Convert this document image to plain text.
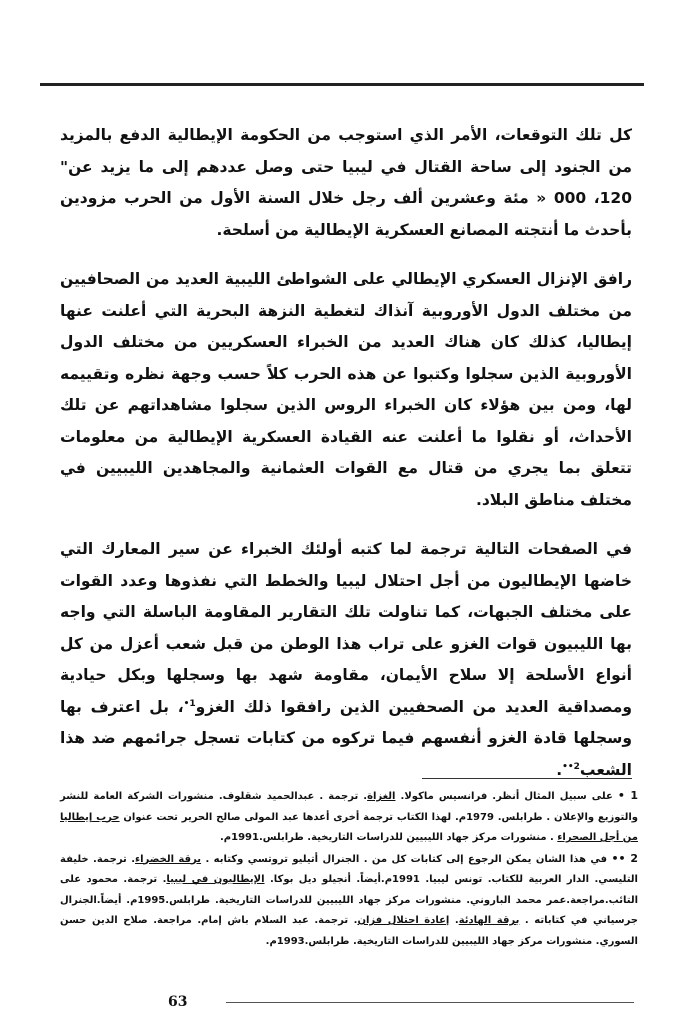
كل تلك التوقعات، الأمر الذي استوجب من الحكومة الإيطالية الدفع بالمزيد من الجنود إلى ساحة القتال في ليبيا حتى وصل عددهم إلى ما يزيد عن" 120، 000 « مئة وعشرين ألف رجل خلال السنة الأول من الحرب مزودين بأحدث ما أنتجته المصانع العسكرية الإيطالية من أسلحة.

رافق الإنزال العسكري الإيطالي على الشواطئ الليبية العديد من الصحافيين من مختلف الدول الأوروبية آنذاك لتغطية النزهة البحرية التي أعلنت عنها إيطاليا، كذلك كان هناك العديد من الخبراء العسكريين من مختلف الدول الأوروبية الذين سجلوا وكتبوا عن هذه الحرب كلاً حسب وجهة نظره وتقييمه لها، ومن بين هؤلاء كان الخبراء الروس الذين سجلوا مشاهداتهم عن تلك الأحداث، أو نقلوا ما أعلنت عنه القيادة العسكرية الإيطالية من معلومات تتعلق بما يجري من قتال مع القوات العثمانية والمجاهدين الليبيين في مختلف مناطق البلاد.

في الصفحات التالية ترجمة لما كتبه أولئك الخبراء عن سير المعارك التي خاضها الإيطاليون من أجل احتلال ليبيا والخطط التي نفذوها وعدد القوات على مختلف الجبهات، كما تناولت تلك التقارير المقاومة الباسلة التي واجه بها الليبيون قوات الغزو على تراب هذا الوطن من قبل شعب أعزل من كل أنواع الأسلحة إلا سلاح الأيمان، مقاومة شهد بها وسجلها وبكل حيادية ومصداقية العديد من الصحفيين الذين رافقوا ذلك الغزو$^{1•}$، بل اعترف بها وسجلها قادة الغزو أنفسهم فيما تركوه من كتابات تسجل جرائمهم ضد هذا الشعب$^{2••}$.

1 • على سبيل المثال أنظر. فرانسيس ماكولا. الغزاة. ترجمة . عبدالحميد شقلوف. منشورات الشركة العامة للنشر والتوزيع والإعلان . طرابلس. 1979م. لهذا الكتاب ترجمة أخرى أعدها عبد المولى صالح الحرير تحت عنوان حرب إيطاليا من أجل الصحراء . منشورات مركز جهاد الليبيين للدراسات التاريخية. طرابلس.1991م.

2 •• في هذا الشان يمكن الرجوع إلى كتابات كل من . الجنرال أتيليو تروتسي وكتابه . برقة الخضراء. ترجمة. خليفة التليسي. الدار العربية للكتاب. تونس ليبيا. 1991م.أيضاً. أنجيلو ديل بوكا. الإيطاليون في ليبيا. ترجمة. محمود على التائب.مراجعة.عمر محمد الباروني. منشورات مركز جهاد الليبيين للدراسات التاريخية. طرابلس.1995م. أيضاً.الجنرال جرسياني في كتاباته . برقة الهادئة. إعادة احتلال فزان. ترجمة. عبد السلام باش إمام. مراجعة. صلاح الدين حسن السوري. منشورات مركز جهاد الليبيين للدراسات التاريخية. طرابلس.1993م.

63
